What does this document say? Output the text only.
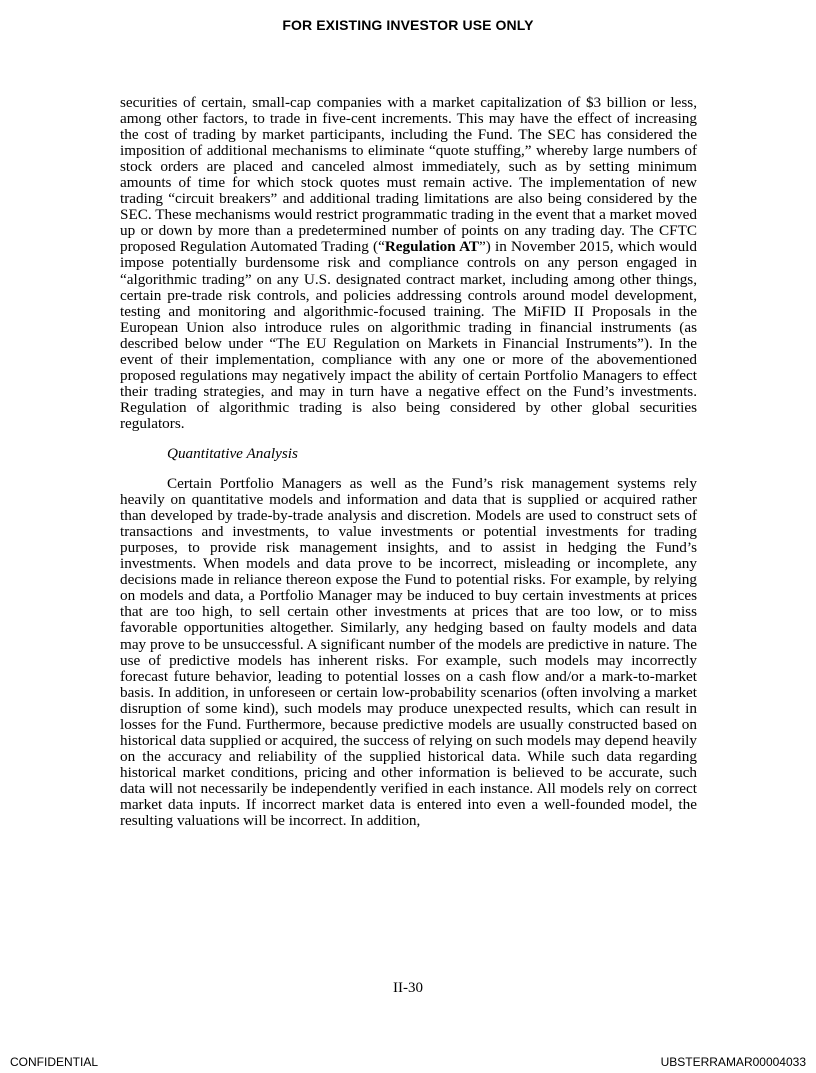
FOR EXISTING INVESTOR USE ONLY

securities of certain, small-cap companies with a market capitalization of $3 billion or less, among other factors, to trade in five-cent increments. This may have the effect of increasing the cost of trading by market participants, including the Fund. The SEC has considered the imposition of additional mechanisms to eliminate “quote stuffing,” whereby large numbers of stock orders are placed and canceled almost immediately, such as by setting minimum amounts of time for which stock quotes must remain active. The implementation of new trading “circuit breakers” and additional trading limitations are also being considered by the SEC. These mechanisms would restrict programmatic trading in the event that a market moved up or down by more than a predetermined number of points on any trading day. The CFTC proposed Regulation Automated Trading (“Regulation AT”) in November 2015, which would impose potentially burdensome risk and compliance controls on any person engaged in “algorithmic trading” on any U.S. designated contract market, including among other things, certain pre-trade risk controls, and policies addressing controls around model development, testing and monitoring and algorithmic-focused training. The MiFID II Proposals in the European Union also introduce rules on algorithmic trading in financial instruments (as described below under “The EU Regulation on Markets in Financial Instruments”). In the event of their implementation, compliance with any one or more of the abovementioned proposed regulations may negatively impact the ability of certain Portfolio Managers to effect their trading strategies, and may in turn have a negative effect on the Fund’s investments. Regulation of algorithmic trading is also being considered by other global securities regulators.

Quantitative Analysis

Certain Portfolio Managers as well as the Fund’s risk management systems rely heavily on quantitative models and information and data that is supplied or acquired rather than developed by trade-by-trade analysis and discretion. Models are used to construct sets of transactions and investments, to value investments or potential investments for trading purposes, to provide risk management insights, and to assist in hedging the Fund’s investments. When models and data prove to be incorrect, misleading or incomplete, any decisions made in reliance thereon expose the Fund to potential risks. For example, by relying on models and data, a Portfolio Manager may be induced to buy certain investments at prices that are too high, to sell certain other investments at prices that are too low, or to miss favorable opportunities altogether. Similarly, any hedging based on faulty models and data may prove to be unsuccessful. A significant number of the models are predictive in nature. The use of predictive models has inherent risks. For example, such models may incorrectly forecast future behavior, leading to potential losses on a cash flow and/or a mark-to-market basis. In addition, in unforeseen or certain low-probability scenarios (often involving a market disruption of some kind), such models may produce unexpected results, which can result in losses for the Fund. Furthermore, because predictive models are usually constructed based on historical data supplied or acquired, the success of relying on such models may depend heavily on the accuracy and reliability of the supplied historical data. While such data regarding historical market conditions, pricing and other information is believed to be accurate, such data will not necessarily be independently verified in each instance. All models rely on correct market data inputs. If incorrect market data is entered into even a well-founded model, the resulting valuations will be incorrect. In addition,

II-30
CONFIDENTIAL	UBSTERRAMAR00004033
